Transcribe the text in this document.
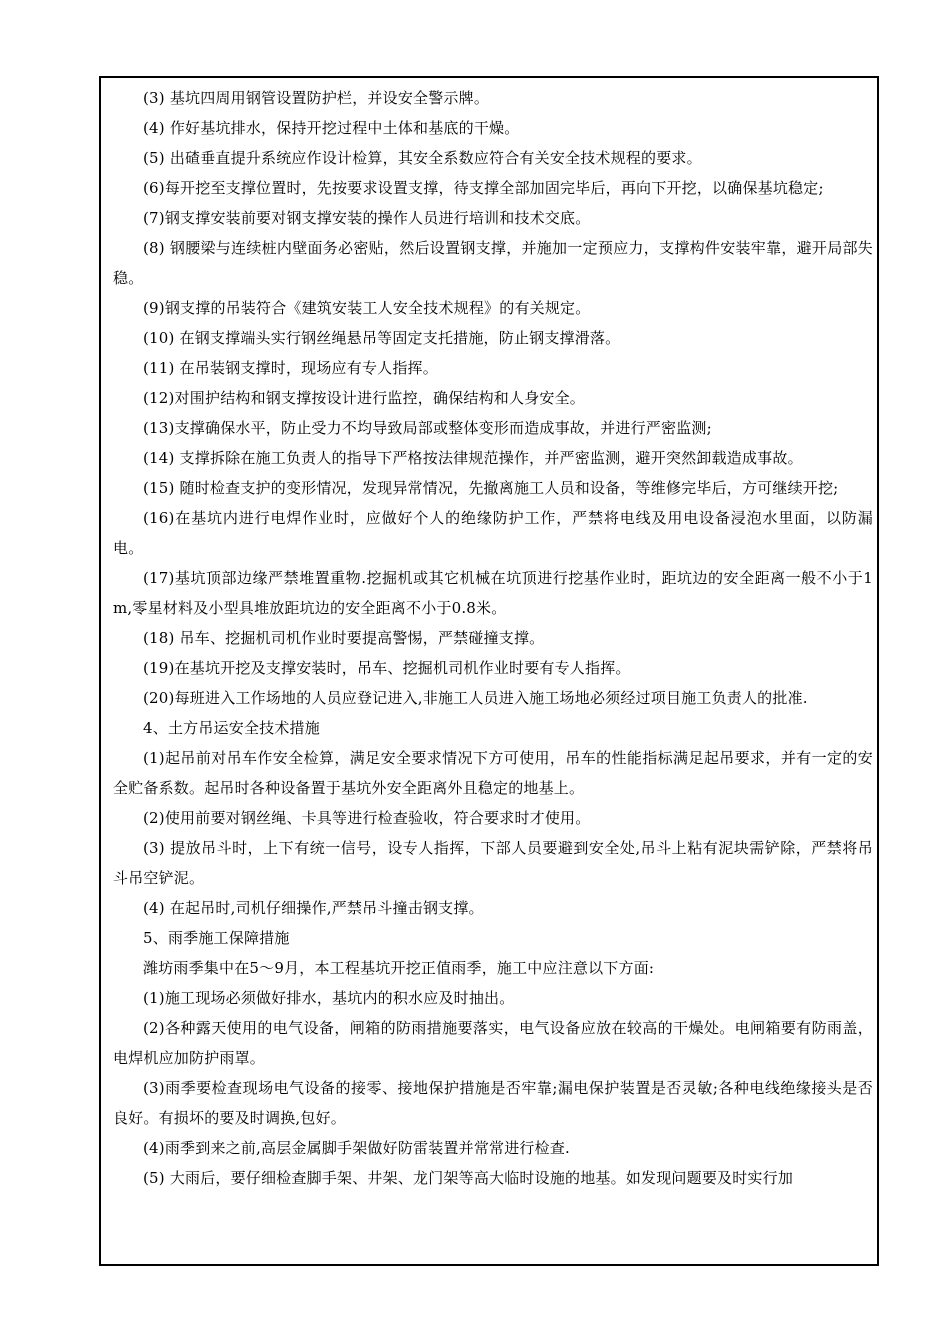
(3) 基坑四周用钢管设置防护栏，并设安全警示牌。

(4) 作好基坑排水，保持开挖过程中土体和基底的干燥。

(5) 出碴垂直提升系统应作设计检算，其安全系数应符合有关安全技术规程的要求。

(6)每开挖至支撑位置时，先按要求设置支撑，待支撑全部加固完毕后，再向下开挖，以确保基坑稳定;

(7)钢支撑安装前要对钢支撑安装的操作人员进行培训和技术交底。

(8) 钢腰梁与连续桩内壁面务必密贴，然后设置钢支撑，并施加一定预应力，支撑构件安装牢靠，避开局部失稳。

(9)钢支撑的吊装符合《建筑安装工人安全技术规程》的有关规定。

(10) 在钢支撑端头实行钢丝绳悬吊等固定支托措施，防止钢支撑滑落。

(11) 在吊装钢支撑时，现场应有专人指挥。

(12)对围护结构和钢支撑按设计进行监控，确保结构和人身安全。

(13)支撑确保水平，防止受力不均导致局部或整体变形而造成事故，并进行严密监测;

(14) 支撑拆除在施工负责人的指导下严格按法律规范操作，并严密监测，避开突然卸载造成事故。

(15) 随时检查支护的变形情况，发现异常情况，先撤离施工人员和设备，等维修完毕后，方可继续开挖;

(16)在基坑内进行电焊作业时，应做好个人的绝缘防护工作，严禁将电线及用电设备浸泡水里面，以防漏电。

(17)基坑顶部边缘严禁堆置重物.挖掘机或其它机械在坑顶进行挖基作业时，距坑边的安全距离一般不小于1m,零星材料及小型具堆放距坑边的安全距离不小于0.8米。

(18) 吊车、挖掘机司机作业时要提高警惕，严禁碰撞支撑。

(19)在基坑开挖及支撑安装时，吊车、挖掘机司机作业时要有专人指挥。

(20)每班进入工作场地的人员应登记进入,非施工人员进入施工场地必须经过项目施工负责人的批准.

4、土方吊运安全技术措施

(1)起吊前对吊车作安全检算，满足安全要求情况下方可使用，吊车的性能指标满足起吊要求，并有一定的安全贮备系数。起吊时各种设备置于基坑外安全距离外且稳定的地基上。

(2)使用前要对钢丝绳、卡具等进行检查验收，符合要求时才使用。

(3) 提放吊斗时，上下有统一信号，设专人指挥，下部人员要避到安全处,吊斗上粘有泥块需铲除，严禁将吊斗吊空铲泥。

(4) 在起吊时,司机仔细操作,严禁吊斗撞击钢支撑。

5、雨季施工保障措施

潍坊雨季集中在5～9月，本工程基坑开挖正值雨季，施工中应注意以下方面:

(1)施工现场必须做好排水，基坑内的积水应及时抽出。

(2)各种露天使用的电气设备，闸箱的防雨措施要落实，电气设备应放在较高的干燥处。电闸箱要有防雨盖，电焊机应加防护雨罩。

(3)雨季要检查现场电气设备的接零、接地保护措施是否牢靠;漏电保护装置是否灵敏;各种电线绝缘接头是否良好。有损坏的要及时调换,包好。

(4)雨季到来之前,高层金属脚手架做好防雷装置并常常进行检查.

(5) 大雨后，要仔细检查脚手架、井架、龙门架等高大临时设施的地基。如发现问题要及时实行加
